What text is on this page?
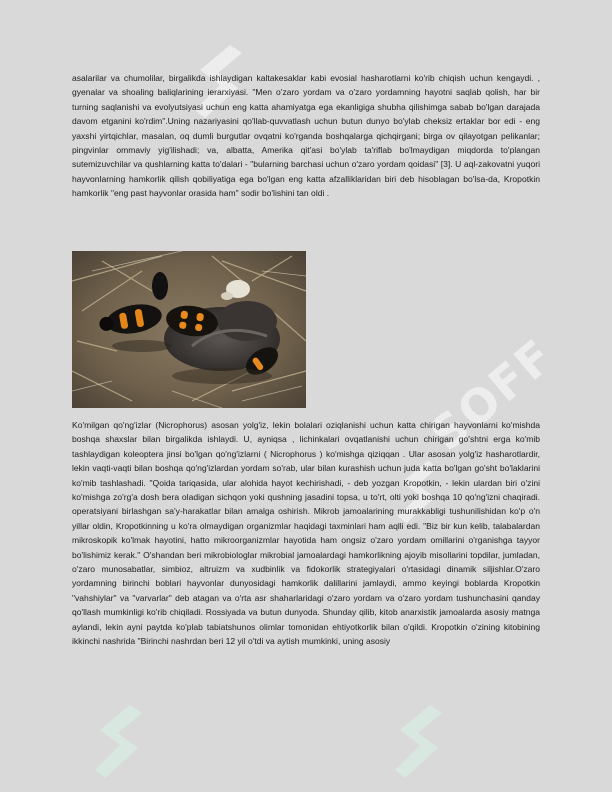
SOFF

asalarilar va chumolilar, birgalikda ishlaydigan kaltakesaklar kabi evosial hasharotlarni ko'rib chiqish uchun kengaydi. , gyenalar va shoaling baliqlarining ierarxiyasi. "Men o'zaro yordam va o'zaro yordamning hayotni saqlab qolish, har bir turning saqlanishi va evolyutsiyasi uchun eng katta ahamiyatga ega ekanligiga shubha qilishimga sabab bo'lgan darajada davom etganini ko'rdim".Uning nazariyasini qo'llab-quvvatlash uchun butun dunyo bo'ylab cheksiz ertaklar bor edi - eng yaxshi yirtqichlar, masalan, oq dumli burgutlar ovqatni ko'rganda boshqalarga qichqirgani; birga ov qilayotgan pelikanlar; pingvinlar ommaviy yig'ilishadi; va, albatta, Amerika qit'asi bo'ylab ta'riflab bo'lmaydigan miqdorda to'plangan sutemizuvchilar va qushlarning katta to'dalari - "bularning barchasi uchun o'zaro yordam qoidasi" [3]. U aql-zakovatni yuqori hayvonlarning hamkorlik qilish qobiliyatiga ega bo'lgan eng katta afzalliklaridan biri deb hisoblagan bo'lsa-da, Kropotkin hamkorlik "eng past hayvonlar orasida ham" sodir bo'lishini tan oldi .

Ko'milgan qo'ng'izlar (Nicrophorus) asosan yolg'iz, lekin bolalari oziqlanishi uchun katta chirigan hayvonlarni ko'mishda boshqa shaxslar bilan birgalikda ishlaydi. U, ayniqsa , lichinkalari ovqatlanishi uchun chirigan go'shtni erga ko'mib tashlaydigan koleoptera jinsi bo'lgan qo'ng'izlarni ( Nicrophorus ) ko'mishga qiziqqan . Ular asosan yolg'iz hasharotlardir, lekin vaqti-vaqti bilan boshqa qo'ng'izlardan yordam so'rab, ular bilan kurashish uchun juda katta bo'lgan go'sht bo'laklarini ko'mib tashlashadi. "Qoida tariqasida, ular alohida hayot kechirishadi, - deb yozgan Kropotkin, - lekin ulardan biri o'zini ko'mishga zo'rg'a dosh bera oladigan sichqon yoki qushning jasadini topsa, u to'rt, olti yoki boshqa 10 qo'ng'izni chaqiradi. operatsiyani birlashgan sa'y-harakatlar bilan amalga oshirish. Mikrob jamoalarining murakkabligi tushunilishidan ko'p o'n yillar oldin, Kropotkinning u ko'ra olmaydigan organizmlar haqidagi taxminlari ham aqlli edi. "Biz bir kun kelib, talabalardan mikroskopik ko'lmak hayotini, hatto mikroorganizmlar hayotida ham ongsiz o'zaro yordam omillarini o'rganishga tayyor bo'lishimiz kerak." O'shandan beri mikrobiologlar mikrobial jamoalardagi hamkorlikning ajoyib misollarini topdilar, jumladan, o'zaro munosabatlar, simbioz, altruizm va xudbinlik va fidokorlik strategiyalari o'rtasidagi dinamik siljishlar.O'zaro yordamning birinchi boblari hayvonlar dunyosidagi hamkorlik dalillarini jamlaydi, ammo keyingi boblarda Kropotkin "vahshiylar" va "varvarlar" deb atagan va o'rta asr shaharlaridagi o'zaro yordam va o'zaro yordam tushunchasini qanday qo'llash mumkinligi ko'rib chiqiladi. Rossiyada va butun dunyoda. Shunday qilib, kitob anarxistik jamoalarda asosiy matnga aylandi, lekin ayni paytda ko'plab tabiatshunos olimlar tomonidan ehtiyotkorlik bilan o'qildi. Kropotkin o'zining kitobining ikkinchi nashrida "Birinchi nashrdan beri 12 yil o'tdi va aytish mumkinki, uning asosiy
